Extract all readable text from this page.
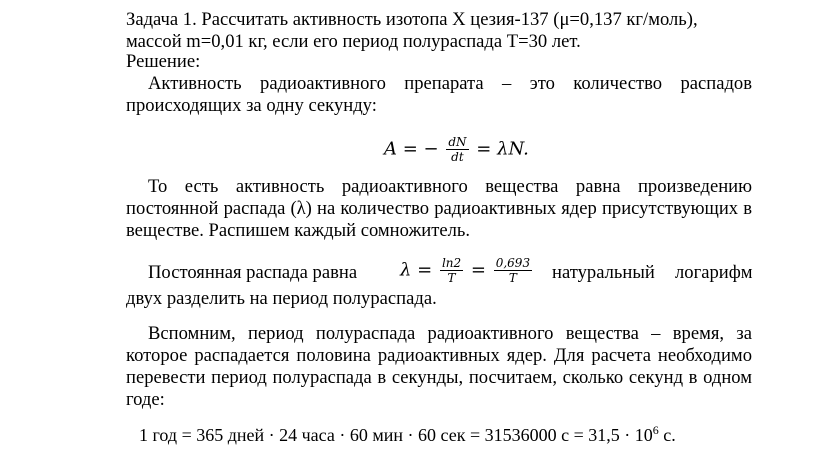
Задача 1. Рассчитать активность изотопа X цезия-137 (μ=0,137 кг/моль),
массой m=0,01 кг, если его период полураспада T=30 лет.
Решение:
Активность радиоактивного препарата – это количество распадов
происходящих за одну секунду:
A = − $\frac{dN}{dt} = \lambda N$.
То есть активность радиоактивного вещества равна произведению
постоянной распада (λ) на количество радиоактивных ядер присутствующих в
веществе. Распишем каждый сомножитель.
Постоянная распада равна $\lambda = \frac{\ln 2}{T} = \frac{0,693}{T}$ натуральный логарифм
двух разделить на период полураспада.
Вспомним, период полураспада радиоактивного вещества – время, за
которое распадается половина радиоактивных ядер. Для расчета необходимо
перевести период полураспада в секунды, посчитаем, сколько секунд в одном
годе:
1 год = 365 дней · 24 часа · 60 мин · 60 сек = 31536000 $с = 31,5 \cdot 10^6$ с.
